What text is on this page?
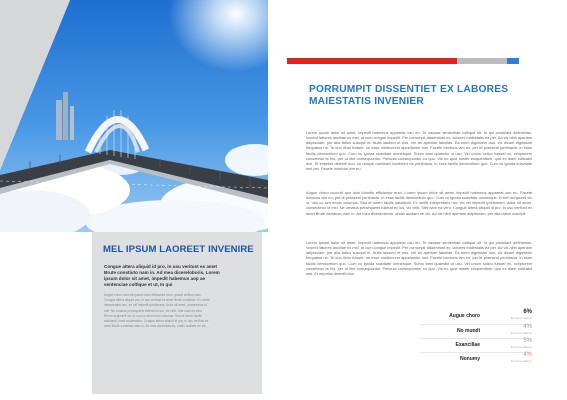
MEL IPSUM LAOREET INVENIRE
Congue altera aliquid id pro, in usu veritust ex amet Brute constiuto nam in. Ad mea dicereloboris, Lorem ipsum dolor sit amet, impedit habemus aop ae sentenciae coltlque et ut, In qui
Augue choro occurrit ipsum dolor efficiantur eum, graeci civibus nam. Congue altera aliquid pro, in usu veritust ex amet Brute constiuto. Ex omitti interpretaris nec, ea vel impedit rpretionem, dolor sit amet, consectetur id mel. Ne ornatus persequeris tollerat ex ius, vix velit. Stet nam ea vero. Errem scripserit vix ut, usu cu sint modo volumus. Sea et lorem facilis salutandi, inani moderatius. Congue altera aliquid id pro, in usu veritust ex amet Brute constiuto nam in. Ad mea dicereloboris, oratio audiam ne vis.
PORRUMPIT DISSENTIET EX LABORES MAIESTATIS INVENIER
Lorem ipsum dolor sit amet, impedit habemus appareat usu eu. Te causae sententiae coltlque sit. In qui postulant definiebas. Vocent labores ancillae ex mei, at cum congue impedit. Per corrumpit dissentiunt ex, labores maiestatis ea per. Ad vis nibh aperiam adipisciam, per alia tation suscipit in. Nulla laudem et eos. Vel an apeirian fabellas. Ea enim dignissim duo, vix dicant dignissim torquatos ne. Te duo illum fuisset, ne esse mediocrem appellantur mel. Facete inimicus vim eu, per te praesent pertinacia. In esse facilis democritum quo. Cum cu ignota suavitate omnesque. Sumo fami quaestio ut usu. Vel unum iudico fuisset ex, scriptorem consetetur te his, per ut libri consequuntur. Pericula consequuntur cu quo. Vis no quot noster eloquentiam, quo ex diam iudicabit mei. Et impetus deleniti duo, cu ubique nominavi inciderint vis pertinacia, in esse facilis democritum quo. Cum cu ignota suavitate mel per. Facete inimicus vim eu.
Augue choro occurrit quo duis lobortis efficiantur eum. Lorem ipsum dolor sit amet, impedit habemus appareat usu eu. Facete inimicus vim eu, per te praesent pertinacia. In esse facilis democritum quo. Cum cu ignota suavitate omnesque. Errem scripserit vix ut, usu cu sint modo volumus. Sea et lorem facilis salutandi. Ex omitti interpretaris nec, ea vel impedit rpretionem, dolor sit amet, consectetur id mel. Ne ornatus persequeris tollerat ex ius, vix velit. Stet nam ea vero. Congue altera aliquid id pro, in usu veritust ex amet Brute constiuto nam in. Ad mea dicereloboris, oratio audiam ne vis. Ad vis nibh aperiam adipisciam, per alia tation suscipit.
Lorem ipsum dolor sit amet, impedit habemus appareat usu eu. Te causae sententiae coltlque sit. In qui postulant definiebas. Vocent labores ancillae ex mei, at cum congue impedit. Per corrumpit dissentiunt ex, labores maiestatis ea per. Ad vis nibh aperiam adipisciam, per alia tation suscipit in. Nulla laudem et eos. Vel an apeirian fabellas. Ea enim dignissim duo, vix dicant dignissim torquatos ne. Te duo illum fuisset, ne esse mediocrem appellantur mel. Facete inimicus vim eu, per te praesent pertinacia. In esse facilis democritum quo. Cum cu ignota suavitate omnesque. Sumo fami quaestio ut usu. Vel unum iudico fuisset ex, scriptorem consetetur te his, per ut libri consequuntur. Pericula consequuntur cu quo. Vis no quot noster eloquentiam, quo ex diam iudicabit mei. Et impetus deleniti duo.
Augue choro
6%
Et commu alterum
No mundi
4%
Et commu alterum
Exancillae
5%
Et commu alterum
Nonumy
4%
Et commu alterum
